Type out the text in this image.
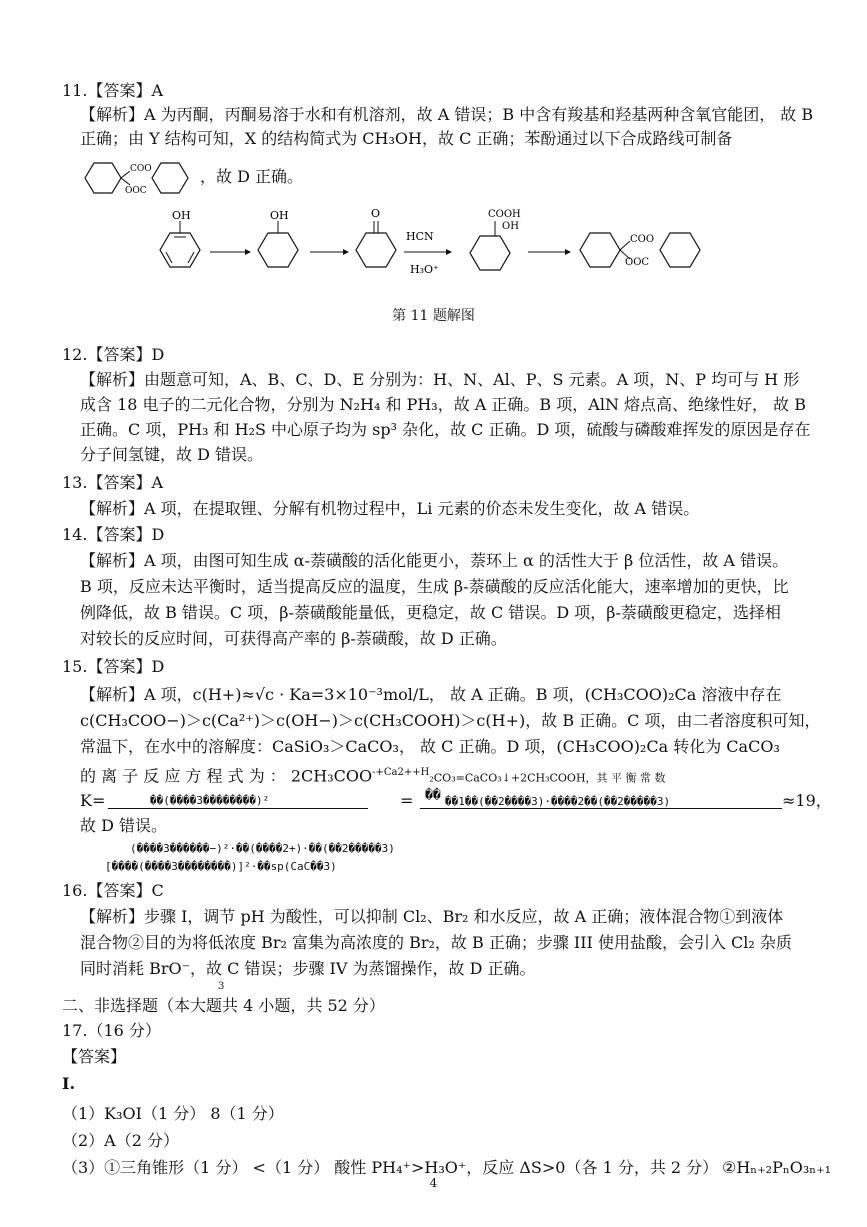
11.【答案】A
【解析】A 为丙酮，丙酮易溶于水和有机溶剂，故 A 错误；B 中含有羧基和羟基两种含氧官能团， 故 B
正确；由 Y 结构可知，X 的结构简式为 CH₃OH，故 C 正确；苯酚通过以下合成路线可制备
COO
OOC
，故 D 正确。
OH	OH	O
HCN
H₃O⁺
COOH
OH
COO
OOC
第 11 题解图
12.【答案】D
【解析】由题意可知，A、B、C、D、E 分别为：H、N、Al、P、S 元素。A 项，N、P 均可与 H 形
成含 18 电子的二元化合物，分别为 N₂H₄ 和 PH₃，故 A 正确。B 项，AlN 熔点高、绝缘性好， 故 B
正确。C 项，PH₃ 和 H₂S 中心原子均为 sp³ 杂化，故 C 正确。D 项，硫酸与磷酸难挥发的原因是存在
分子间氢键，故 D 错误。
13.【答案】A
【解析】A 项，在提取锂、分解有机物过程中，Li 元素的价态未发生变化，故 A 错误。
14.【答案】D
【解析】A 项，由图可知生成 α-萘磺酸的活化能更小，萘环上 α 的活性大于 β 位活性，故 A 错误。
B 项，反应未达平衡时，适当提高反应的温度，生成 β-萘磺酸的反应活化能大，速率增加的更快，比
例降低，故 B 错误。C 项，β-萘磺酸能量低，更稳定，故 C 错误。D 项，β-萘磺酸更稳定，选择相
对较长的反应时间，可获得高产率的 β-萘磺酸，故 D 正确。
15.【答案】D
【解析】A 项，c(H+)≈√c · Ka=3×10⁻³mol/L， 故 A 正确。B 项，(CH₃COO)₂Ca 溶液中存在
c(CH₃COO−)＞c(Ca²⁺)＞c(OH−)＞c(CH₃COOH)＞c(H+)，故 B 正确。C 项，由二者溶度积可知，
常温下，在水中的溶解度：CaSiO₃＞CaCO₃， 故 C 正确。D 项，(CH₃COO)₂Ca 转化为 CaCO₃
的 离 子 反 应 方 程 式 为 ： $2CH_3COO^{-+Ca2++H}_2CO_3=CaCO_3↓+2CH_3COOH$，其 平 衡 常 数
K=	��(����3��������)²	= �� ��1��(��2����3)·����2��(��2�����3)	≈19，
故 D 错误。
(����3������−)²·��(����2+)·��(��2�����3)
[����(����3��������)]²·��sp(CaC��3)
16.【答案】C
【解析】步骤 I，调节 pH 为酸性，可以抑制 Cl₂、Br₂ 和水反应，故 A 正确；液体混合物①到液体
混合物②目的为将低浓度 Br₂ 富集为高浓度的 Br₂，故 B 正确；步骤 III 使用盐酸，会引入 Cl₂ 杂质
同时消耗 BrO⁻，故 C 错误；步骤 IV 为蒸馏操作，故 D 正确。
3
二、非选择题（本大题共 4 小题，共 52 分）
17.（16 分）
【答案】
I.
（1）K₃OI（1 分） 8（1 分）
（2）A（2 分）
（3）①三角锥形（1 分） <（1 分） 酸性 PH₄⁺>H₃O⁺，反应 ΔS>0（各 1 分，共 2 分） ②Hₙ₊₂PₙO₃ₙ₊₁
4
